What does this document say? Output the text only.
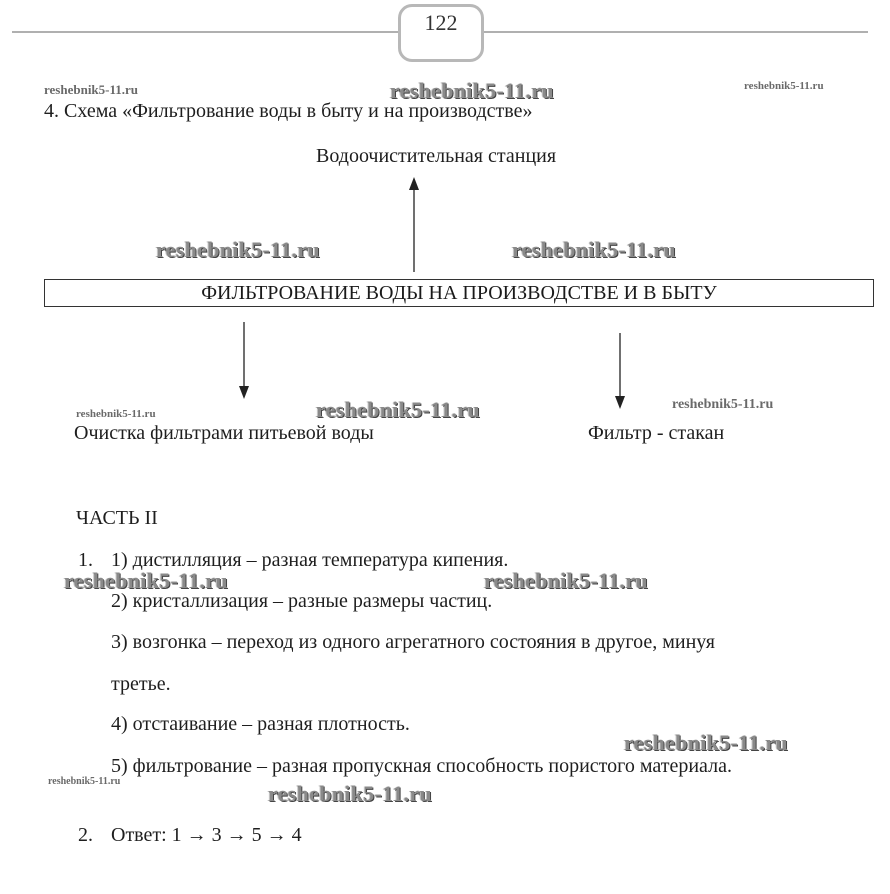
122
reshebnik5-11.ru	reshebnik5-11.ru	reshebnik5-11.ru
reshebnik5-11.ru	reshebnik5-11.ru
reshebnik5-11.ru	reshebnik5-11.ru	reshebnik5-11.ru
reshebnik5-11.ru	reshebnik5-11.ru
reshebnik5-11.ru
reshebnik5-11.ru	reshebnik5-11.ru
4. Схема «Фильтрование воды в быту и на производстве»
Водоочистительная станция
ФИЛЬТРОВАНИЕ ВОДЫ НА ПРОИЗВОДСТВЕ И В БЫТУ
Очистка фильтрами питьевой воды	Фильтр - стакан
ЧАСТЬ II
1. 1) дистилляция – разная температура кипения.
2) кристаллизация – разные размеры частиц.
3) возгонка – переход из одного агрегатного состояния в другое, минуя
третье.
4) отстаивание – разная плотность.
5) фильтрование – разная пропускная способность пористого материала.
2. Ответ: 1 → 3 → 5 → 4
